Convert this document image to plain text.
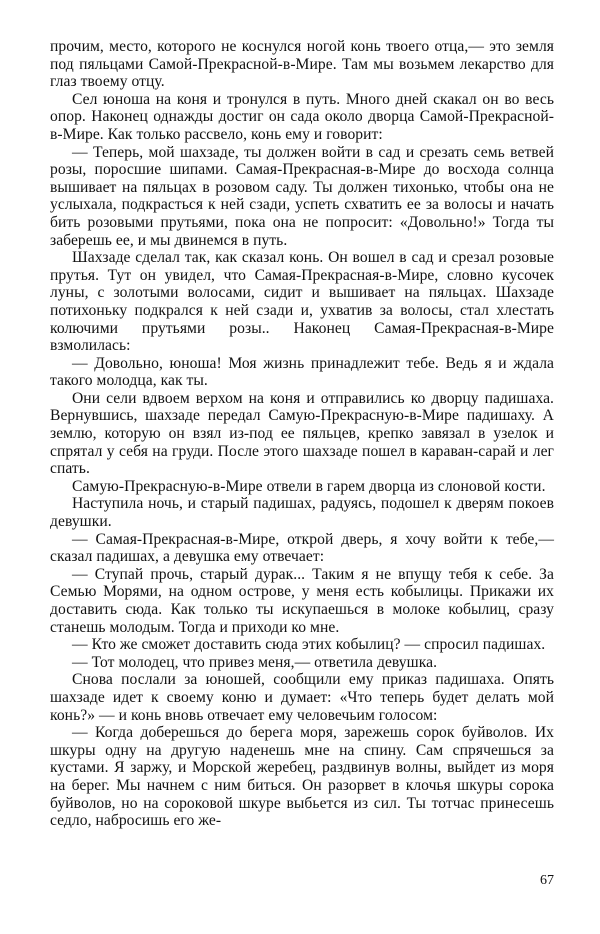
прочим, место, которого не коснулся ногой конь твоего отца,— это земля под пяльцами Самой-Прекрасной-в-Мире. Там мы возьмем лекарство для глаз твоему отцу.

Сел юноша на коня и тронулся в путь. Много дней скакал он во весь опор. Наконец однажды достиг он сада около дворца Самой-Прекрасной-в-Мире. Как только рассвело, конь ему и говорит:

— Теперь, мой шахзаде, ты должен войти в сад и срезать семь ветвей розы, поросшие шипами. Самая-Прекрасная-в-Мире до восхода солнца вышивает на пяльцах в розовом саду. Ты должен тихонько, чтобы она не услыхала, подкрасться к ней сзади, успеть схватить ее за волосы и начать бить розовыми прутьями, пока она не попросит: «Довольно!» Тогда ты заберешь ее, и мы двинемся в путь.

Шахзаде сделал так, как сказал конь. Он вошел в сад и срезал розовые прутья. Тут он увидел, что Самая-Прекрасная-в-Мире, словно кусочек луны, с золотыми волосами, сидит и вышивает на пяльцах. Шахзаде потихоньку подкрался к ней сзади и, ухватив за волосы, стал хлестать колючими прутьями розы.. Наконец Самая-Прекрасная-в-Мире взмолилась:

— Довольно, юноша! Моя жизнь принадлежит тебе. Ведь я и ждала такого молодца, как ты.

Они сели вдвоем верхом на коня и отправились ко дворцу падишаха. Вернувшись, шахзаде передал Самую-Прекрасную-в-Мире падишаху. А землю, которую он взял из-под ее пяльцев, крепко завязал в узелок и спрятал у себя на груди. После этого шахзаде пошел в караван-сарай и лег спать.

Самую-Прекрасную-в-Мире отвели в гарем дворца из слоновой кости.

Наступила ночь, и старый падишах, радуясь, подошел к дверям покоев девушки.

— Самая-Прекрасная-в-Мире, открой дверь, я хочу войти к тебе,— сказал падишах, а девушка ему отвечает:

— Ступай прочь, старый дурак... Таким я не впущу тебя к себе. За Семью Морями, на одном острове, у меня есть кобылицы. Прикажи их доставить сюда. Как только ты искупаешься в молоке кобылиц, сразу станешь молодым. Тогда и приходи ко мне.

— Кто же сможет доставить сюда этих кобылиц? — спросил падишах.

— Тот молодец, что привез меня,— ответила девушка.

Снова послали за юношей, сообщили ему приказ падишаха. Опять шахзаде идет к своему коню и думает: «Что теперь будет делать мой конь?» — и конь вновь отвечает ему человечьим голосом:

— Когда доберешься до берега моря, зарежешь сорок буйволов. Их шкуры одну на другую наденешь мне на спину. Сам спрячешься за кустами. Я заржу, и Морской жеребец, раздвинув волны, выйдет из моря на берег. Мы начнем с ним биться. Он разорвет в клочья шкуры сорока буйволов, но на сороковой шкуре выбьется из сил. Ты тотчас принесешь седло, набросишь его же-

67
